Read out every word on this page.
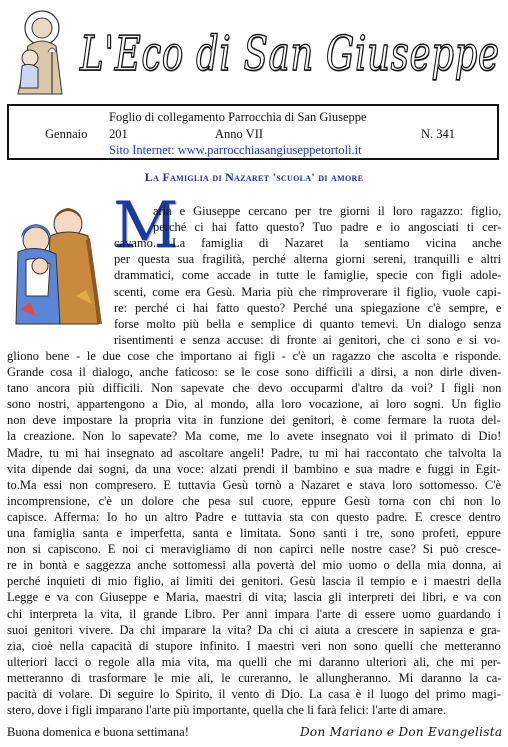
L'Eco di San Giuseppe
Foglio di collegamento Parrocchia di San Giuseppe
Gennaio 201	Anno VII	N. 341
Sito Internet: www.parrocchiasangiuseppetortoli.it
La Famiglia di Nazaret 'scuola' di amore
M
aria e Giuseppe cercano per tre giorni il loro ragazzo: figlio,
perché ci hai fatto questo? Tuo padre e io angosciati ti cer-
cavamo. La famiglia di Nazaret la sentiamo vicina anche
per questa sua fragilità, perché alterna giorni sereni, tranquilli e altri
drammatici, come accade in tutte le famiglie, specie con figli adole-
scenti, come era Gesù. Maria più che rimproverare il figlio, vuole capi-
re: perché ci hai fatto questo? Perché una spiegazione c'è sempre, e
forse molto più bella e semplice di quanto temevi. Un dialogo senza
risentimenti e senza accuse: di fronte ai genitori, che ci sono e si vo-
gliono bene - le due cose che importano ai figli - c'è un ragazzo che ascolta e risponde.
Grande cosa il dialogo, anche faticoso: se le cose sono difficili a dirsi, a non dirle diven-
tano ancora più difficili. Non sapevate che devo occuparmi d'altro da voi? I figli non
sono nostri, appartengono a Dio, al mondo, alla loro vocazione, ai loro sogni. Un figlio
non deve impostare la propria vita in funzione dei genitori, è come fermare la ruota del-
la creazione. Non lo sapevate? Ma come, me lo avete insegnato voi il primato di Dio!
Madre, tu mi hai insegnato ad ascoltare angeli! Padre, tu mi hai raccontato che talvolta la
vita dipende dai sogni, da una voce: alzati prendi il bambino e sua madre e fuggi in Egit-
to.Ma essi non compresero. E tuttavia Gesù tornò a Nazaret e stava loro sottomesso. C'è
incomprensione, c'è un dolore che pesa sul cuore, eppure Gesù torna con chi non lo
capisce. Afferma: Io ho un altro Padre e tuttavia sta con questo padre. E cresce dentro
una famiglia santa e imperfetta, santa e limitata. Sono santi i tre, sono profeti, eppure
non si capiscono. E noi ci meravigliamo di non capirci nelle nostre case? Si può cresce-
re in bontà e saggezza anche sottomessi alla povertà del mio uomo o della mia donna, ai
perché inquieti di mio figlio, ai limiti dei genitori. Gesù lascia il tempio e i maestri della
Legge e va con Giuseppe e Maria, maestri di vita; lascia gli interpreti dei libri, e va con
chi interpreta la vita, il grande Libro. Per anni impara l'arte di essere uomo guardando i
suoi genitori vivere. Da chi imparare la vita? Da chi ci aiuta a crescere in sapienza e gra-
zia, cioè nella capacità di stupore infinito. I maestri veri non sono quelli che metteranno
ulteriori lacci o regole alla mia vita, ma quelli che mi daranno ulteriori ali, che mi per-
metteranno di trasformare le mie ali, le cureranno, le allungheranno. Mi daranno la ca-
pacità di volare. Di seguire lo Spirito, il vento di Dio. La casa è il luogo del primo magi-
stero, dove i figli imparano l'arte più importante, quella che li farà felici: l'arte di amare.
Buona domenica e buona settimana!	Don Mariano e Don Evangelista
